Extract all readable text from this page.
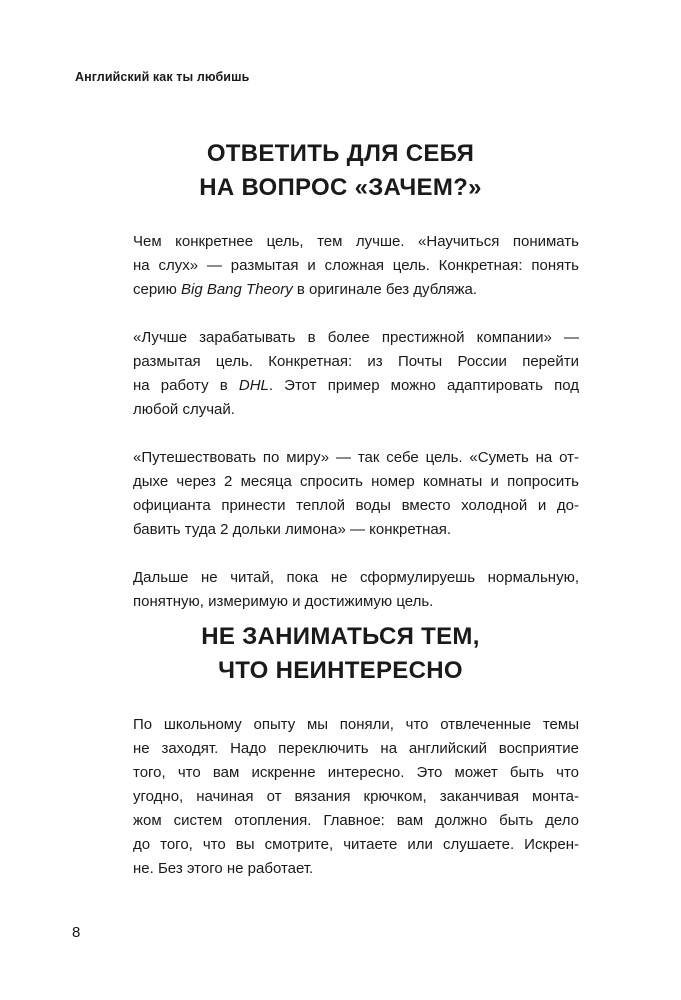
Английский как ты любишь
ОТВЕТИТЬ ДЛЯ СЕБЯ
НА ВОПРОС «ЗАЧЕМ?»

Чем конкретнее цель, тем лучше. «Научиться понимать
на слух» — размытая и сложная цель. Конкретная: понять
серию Big Bang Theory в оригинале без дубляжа.

«Лучше зарабатывать в более престижной компании» —
размытая цель. Конкретная: из Почты России перейти
на работу в DHL. Этот пример можно адаптировать под
любой случай.

«Путешествовать по миру» — так себе цель. «Суметь на от-
дыхе через 2 месяца спросить номер комнаты и попросить
официанта принести теплой воды вместо холодной и до-
бавить туда 2 дольки лимона» — конкретная.

Дальше не читай, пока не сформулируешь нормальную,
понятную, измеримую и достижимую цель.

НЕ ЗАНИМАТЬСЯ ТЕМ,
ЧТО НЕИНТЕРЕСНО

По школьному опыту мы поняли, что отвлеченные темы
не заходят. Надо переключить на английский восприятие
того, что вам искренне интересно. Это может быть что
угодно, начиная от вязания крючком, заканчивая монта-
жом систем отопления. Главное: вам должно быть дело
до того, что вы смотрите, читаете или слушаете. Искрен-
не. Без этого не работает.

8
